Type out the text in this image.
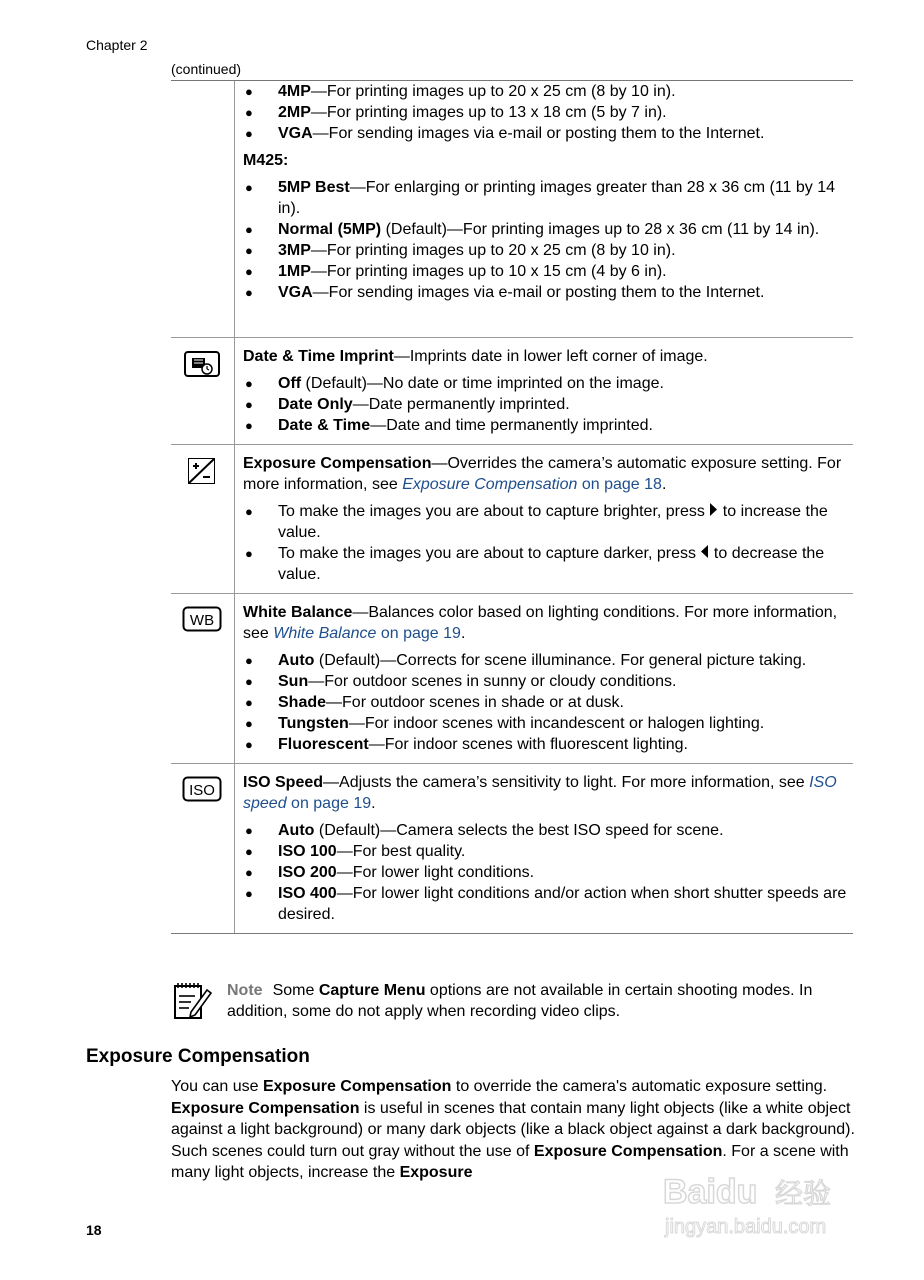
Chapter 2
(continued)
● 4MP—For printing images up to 20 x 25 cm (8 by 10 in).
● 2MP—For printing images up to 13 x 18 cm (5 by 7 in).
● VGA—For sending images via e-mail or posting them to the Internet.
M425:
● 5MP Best—For enlarging or printing images greater than 28 x 36 cm (11 by 14 in).
● Normal (5MP) (Default)—For printing images up to 28 x 36 cm (11 by 14 in).
● 3MP—For printing images up to 20 x 25 cm (8 by 10 in).
● 1MP—For printing images up to 10 x 15 cm (4 by 6 in).
● VGA—For sending images via e-mail or posting them to the Internet.
Date & Time Imprint—Imprints date in lower left corner of image.
● Off (Default)—No date or time imprinted on the image.
● Date Only—Date permanently imprinted.
● Date & Time—Date and time permanently imprinted.
Exposure Compensation—Overrides the camera’s automatic exposure setting. For more information, see Exposure Compensation on page 18.
● To make the images you are about to capture brighter, press  to increase the value.
● To make the images you are about to capture darker, press  to decrease the value.
WB White Balance—Balances color based on lighting conditions. For more information, see White Balance on page 19.
● Auto (Default)—Corrects for scene illuminance. For general picture taking.
● Sun—For outdoor scenes in sunny or cloudy conditions.
● Shade—For outdoor scenes in shade or at dusk.
● Tungsten—For indoor scenes with incandescent or halogen lighting.
● Fluorescent—For indoor scenes with fluorescent lighting.
ISO ISO Speed—Adjusts the camera’s sensitivity to light. For more information, see ISO speed on page 19.
● Auto (Default)—Camera selects the best ISO speed for scene.
● ISO 100—For best quality.
● ISO 200—For lower light conditions.
● ISO 400—For lower light conditions and/or action when short shutter speeds are desired.
Note Some Capture Menu options are not available in certain shooting modes. In addition, some do not apply when recording video clips.
Exposure Compensation
You can use Exposure Compensation to override the camera's automatic exposure setting. Exposure Compensation is useful in scenes that contain many light objects (like a white object against a light background) or many dark objects (like a black object against a dark background). Such scenes could turn out gray without the use of Exposure Compensation. For a scene with many light objects, increase the Exposure
18
Baidu 经验
jingyan.baidu.com
